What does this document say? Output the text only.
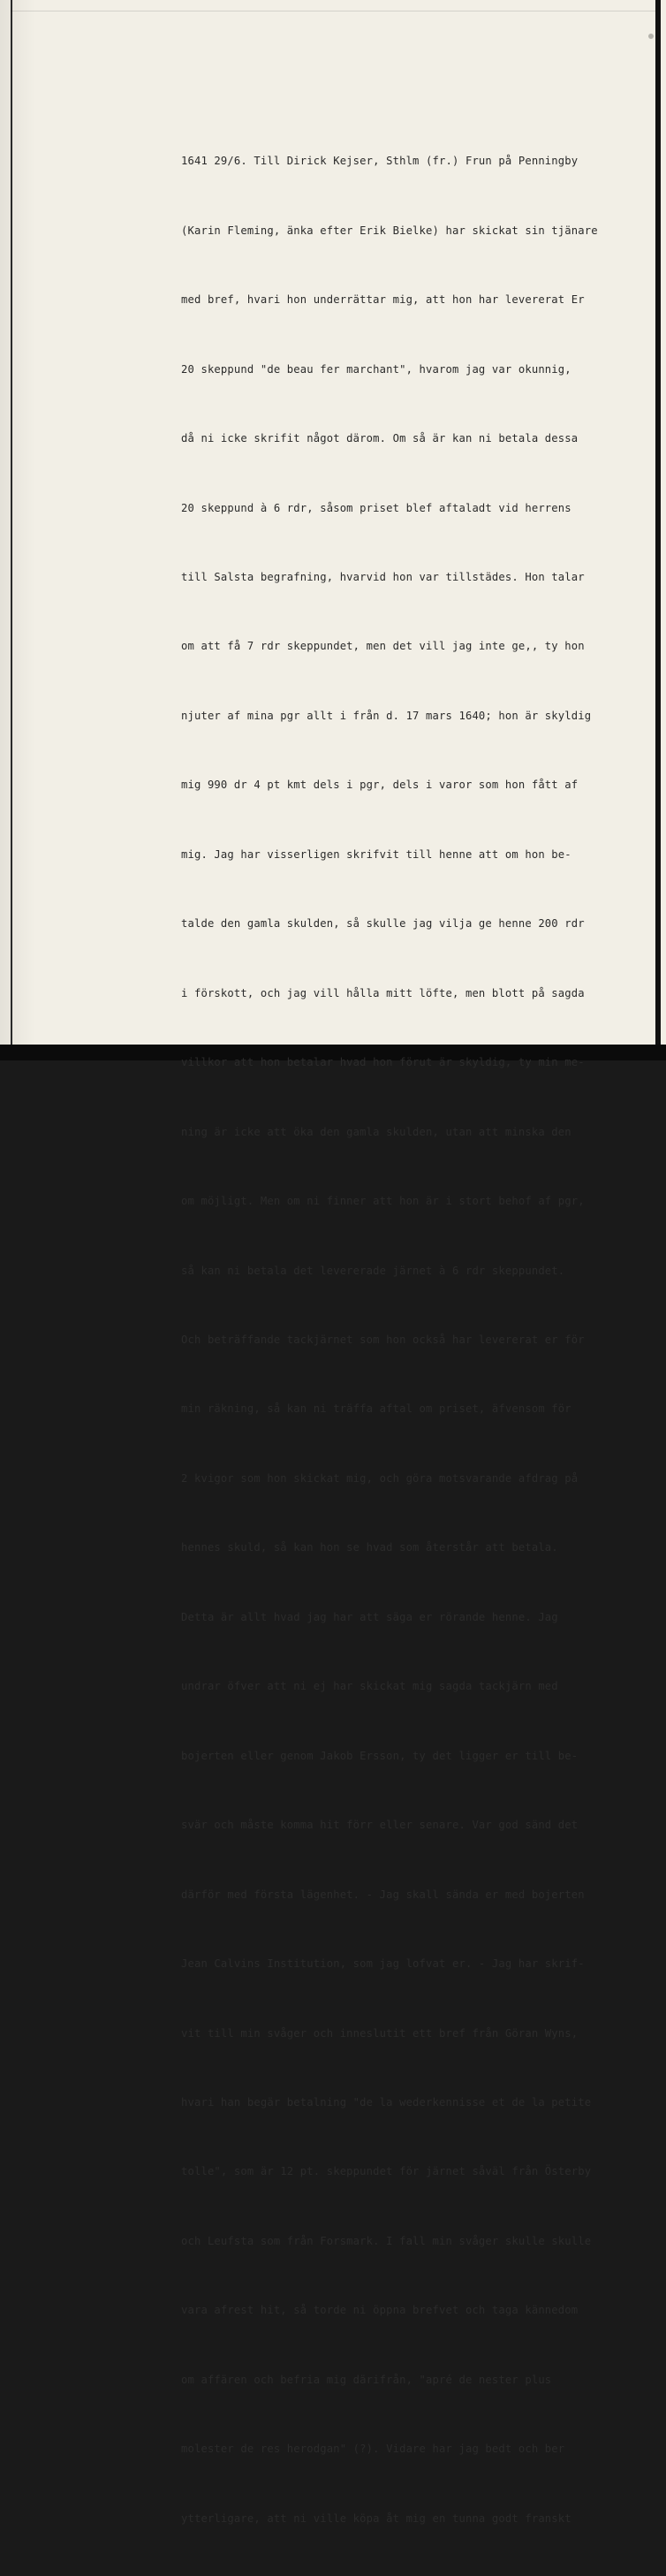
1641 29/6. Till Dirick Kejser, Sthlm (fr.) Frun på Penningby

(Karin Fleming, änka efter Erik Bielke) har skickat sin tjänare

med bref, hvari hon underrättar mig, att hon har levererat Er

20 skeppund "de beau fer marchant", hvarom jag var okunnig,

då ni icke skrifit något därom. Om så är kan ni betala dessa

20 skeppund à 6 rdr, såsom priset blef aftaladt vid herrens

till Salsta begrafning, hvarvid hon var tillstädes. Hon talar

om att få 7 rdr skeppundet, men det vill jag inte ge,, ty hon

njuter af mina pgr allt i från d. 17 mars 1640; hon är skyldig

mig 990 dr 4 pt kmt dels i pgr, dels i varor som hon fått af

mig. Jag har visserligen skrifvit till henne att om hon be-

talde den gamla skulden, så skulle jag vilja ge henne 200 rdr

i förskott, och jag vill hålla mitt löfte, men blott på sagda

villkor att hon betalar hvad hon förut är skyldig, ty min me-

ning är icke att öka den gamla skulden, utan att minska den

om möjligt. Men om ni finner att hon är i stort behof af pgr,

så kan ni betala det levererade järnet à 6 rdr skeppundet.

Och beträffande tackjärnet som hon också har levererat er för

min räkning, så kan ni träffa aftal om priset, äfvensom för

2 kvigor som hon skickat mig, och göra motsvarande afdrag på

hennes skuld, så kan hon se hvad som återstår att betala.

Detta är allt hvad jag har att säga er rörande henne. Jag

undrar öfver att ni ej har skickat mig sagda tackjärn med

bojerten eller genom Jakob Ersson, ty det ligger er till be-

svär och måste komma hit förr eller senare. Var god sänd det

därför med första lägenhet. - Jag skall sända er med bojerten

Jean Calvins Institution, som jag lofvat er. - Jag har skrif-

vit till min svåger och inneslutit ett bref från Göran Wyns,

hvari han begär betalning "de la wederkennisse et de la petite

tolle", som är 12 pt. skeppundet för järnet såväl från Österby

och Leufsta som från Forsmark. I fall min svåger skulle skulle

vara afrest hit, så torde ni öppna brefvet och taga kännedom

om affären och befria mig därifrån, "apré de nester plus

molester de res herodgan" (?). Vidare har jag bedt och ber

ytterligare, att ni ville köpa åt mig en tunna godt franskt
